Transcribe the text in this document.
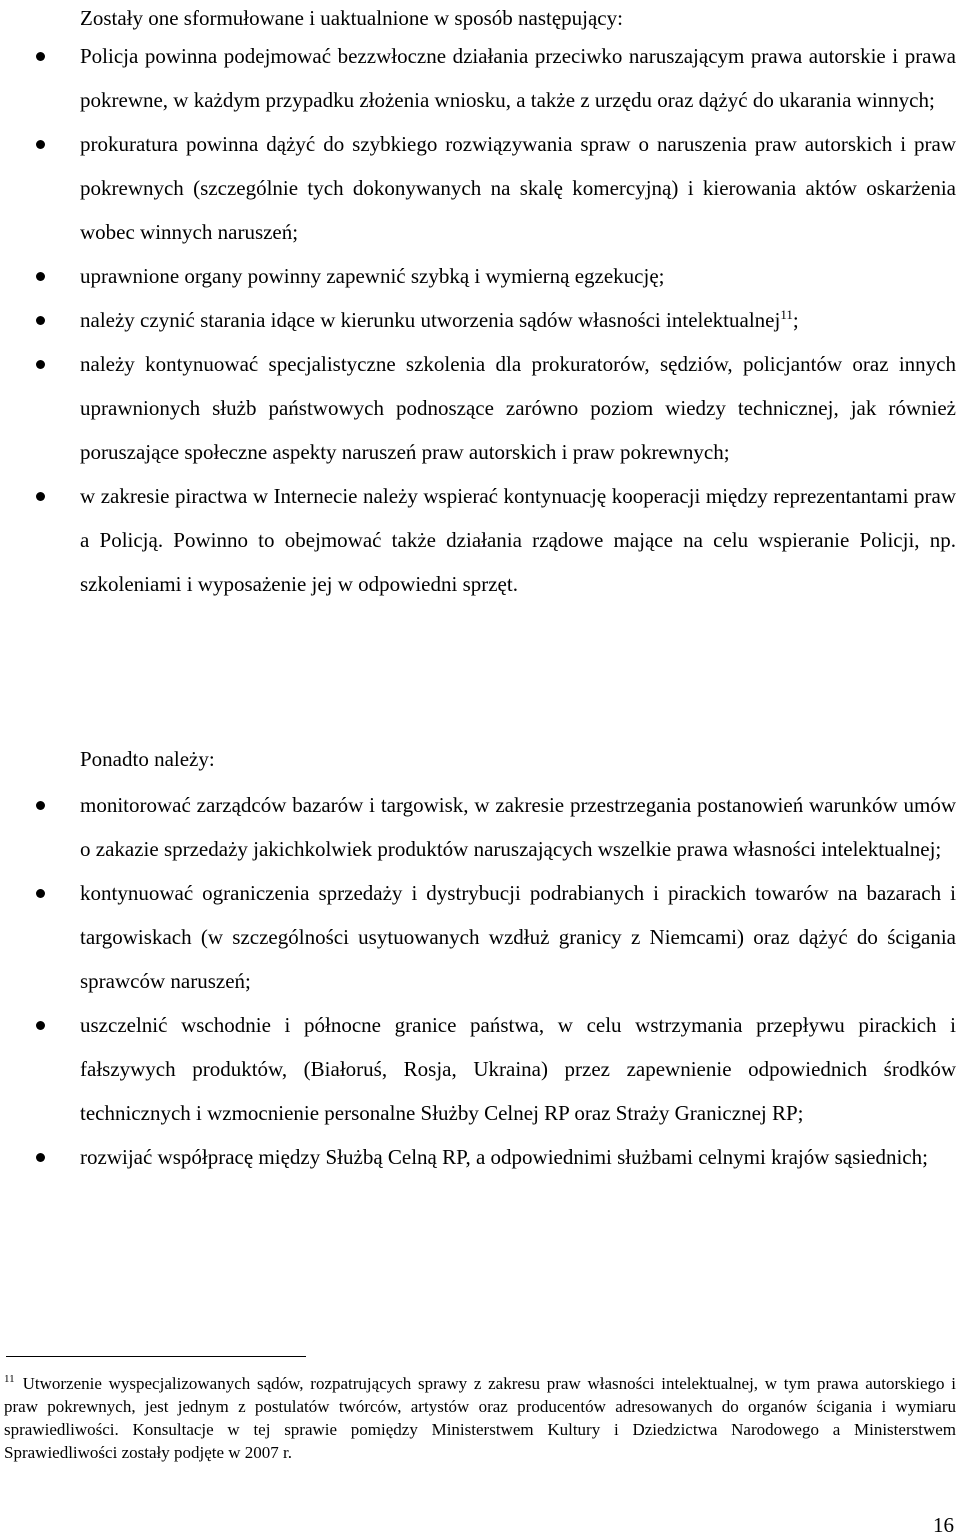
Zostały one sformułowane i uaktualnione w sposób następujący:

Policja powinna podejmować bezzwłoczne działania przeciwko naruszającym prawa autorskie i prawa pokrewne, w każdym przypadku złożenia wniosku, a także z urzędu oraz dążyć do ukarania winnych;
prokuratura powinna dążyć do szybkiego rozwiązywania spraw o naruszenia praw autorskich i praw pokrewnych (szczególnie tych dokonywanych na skalę komercyjną) i kierowania aktów oskarżenia wobec winnych naruszeń;
uprawnione organy powinny zapewnić szybką i wymierną egzekucję;
należy czynić starania idące w kierunku utworzenia sądów własności intelektualnej$^{11}$;
należy kontynuować specjalistyczne szkolenia dla prokuratorów, sędziów, policjantów oraz innych uprawnionych służb państwowych podnoszące zarówno poziom wiedzy technicznej, jak również poruszające społeczne aspekty naruszeń praw autorskich i praw pokrewnych;
w zakresie piractwa w Internecie należy wspierać kontynuację kooperacji między reprezentantami praw a Policją. Powinno to obejmować także działania rządowe mające na celu wspieranie Policji, np. szkoleniami i wyposażenie jej w odpowiedni sprzęt.

Ponadto należy:

monitorować zarządców bazarów i targowisk, w zakresie przestrzegania postanowień warunków umów o zakazie sprzedaży jakichkolwiek produktów naruszających wszelkie prawa własności intelektualnej;
kontynuować ograniczenia sprzedaży i dystrybucji podrabianych i pirackich towarów na bazarach i targowiskach (w szczególności usytuowanych wzdłuż granicy z Niemcami) oraz dążyć do ścigania sprawców naruszeń;
uszczelnić wschodnie i północne granice państwa, w celu wstrzymania przepływu pirackich i fałszywych produktów, (Białoruś, Rosja, Ukraina) przez zapewnienie odpowiednich środków technicznych i wzmocnienie personalne Służby Celnej RP oraz Straży Granicznej RP;
rozwijać współpracę między Służbą Celną RP, a odpowiednimi służbami celnymi krajów sąsiednich;

$^{11}$ Utworzenie wyspecjalizowanych sądów, rozpatrujących sprawy z zakresu praw własności intelektualnej, w tym prawa autorskiego i praw pokrewnych, jest jednym z postulatów twórców, artystów oraz producentów adresowanych do organów ścigania i wymiaru sprawiedliwości. Konsultacje w tej sprawie pomiędzy Ministerstwem Kultury i Dziedzictwa Narodowego a Ministerstwem Sprawiedliwości zostały podjęte w 2007 r.

16
